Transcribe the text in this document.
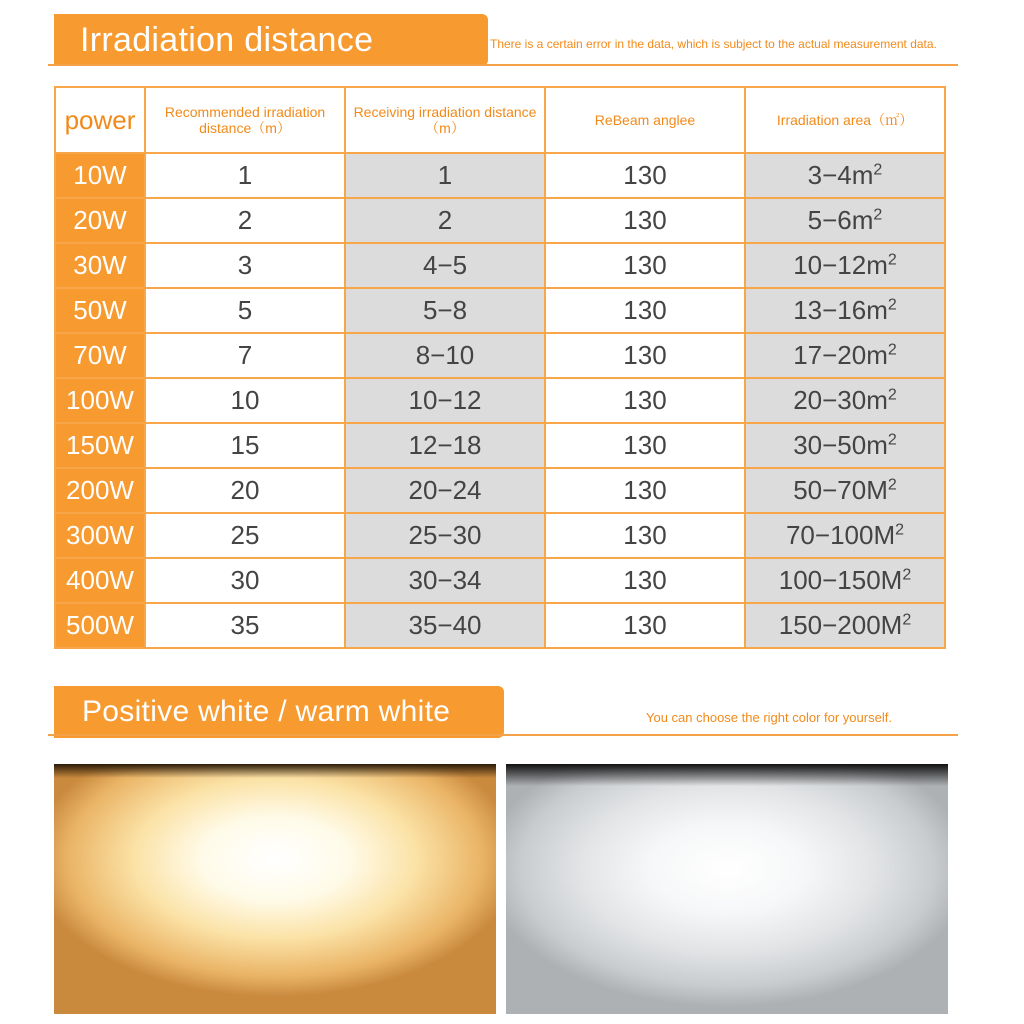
Irradiation distance	There is a certain error in the data, which is subject to the actual measurement data.
power	Recommended irradiation distance（m）	Receiving irradiation distance（m）	ReBeam anglee	Irradiation area（㎡）
10W	1	1	130	$3-4m^2$
20W	2	2	130	$5-6m^2$
30W	3	4−5	130	$10-12m^2$
50W	5	5−8	130	$13-16m^2$
70W	7	8−10	130	$17-20m^2$
100W	10	10−12	130	$20-30m^2$
150W	15	12−18	130	$30-50m^2$
200W	20	20−24	130	$50-70M^2$
300W	25	25−30	130	$70-100M^2$
400W	30	30−34	130	$100-150M^2$
500W	35	35−40	130	$150-200M^2$
Positive white / warm white	You can choose the right color for yourself.
